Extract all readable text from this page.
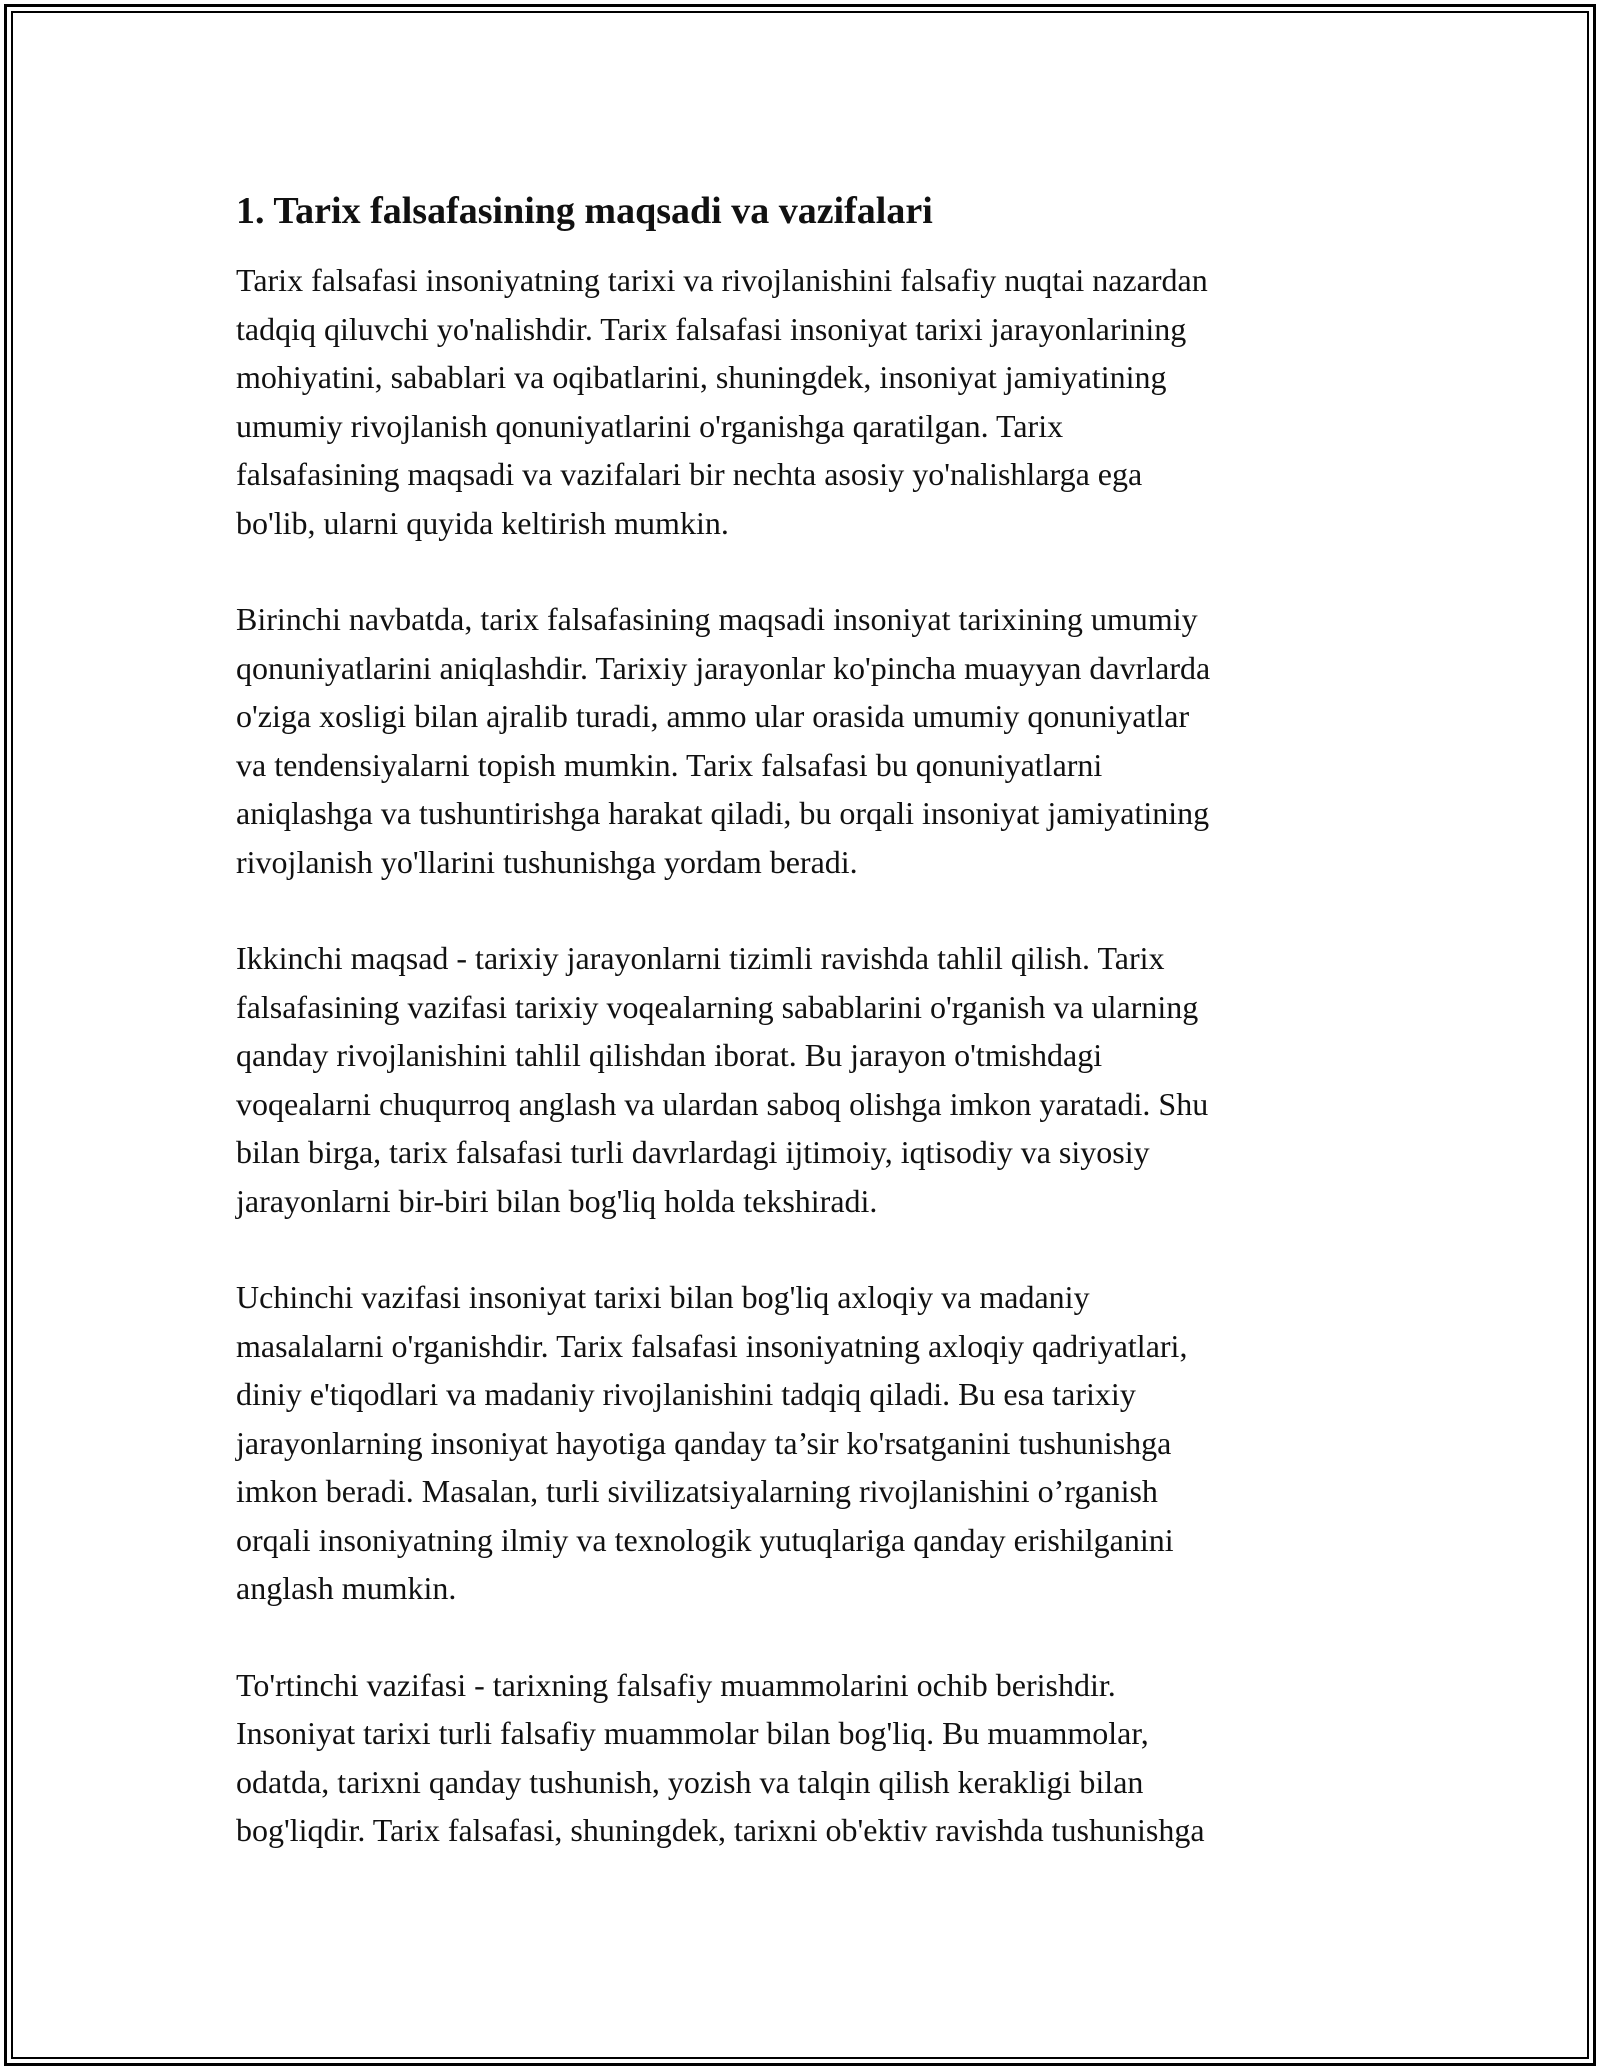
1. Tarix falsafasining maqsadi va vazifalari

Tarix falsafasi insoniyatning tarixi va rivojlanishini falsafiy nuqtai nazardan
tadqiq qiluvchi yo'nalishdir. Tarix falsafasi insoniyat tarixi jarayonlarining
mohiyatini, sabablari va oqibatlarini, shuningdek, insoniyat jamiyatining
umumiy rivojlanish qonuniyatlarini o'rganishga qaratilgan. Tarix
falsafasining maqsadi va vazifalari bir nechta asosiy yo'nalishlarga ega
bo'lib, ularni quyida keltirish mumkin.

Birinchi navbatda, tarix falsafasining maqsadi insoniyat tarixining umumiy
qonuniyatlarini aniqlashdir. Tarixiy jarayonlar ko'pincha muayyan davrlarda
o'ziga xosligi bilan ajralib turadi, ammo ular orasida umumiy qonuniyatlar
va tendensiyalarni topish mumkin. Tarix falsafasi bu qonuniyatlarni
aniqlashga va tushuntirishga harakat qiladi, bu orqali insoniyat jamiyatining
rivojlanish yo'llarini tushunishga yordam beradi.

Ikkinchi maqsad - tarixiy jarayonlarni tizimli ravishda tahlil qilish. Tarix
falsafasining vazifasi tarixiy voqealarning sabablarini o'rganish va ularning
qanday rivojlanishini tahlil qilishdan iborat. Bu jarayon o'tmishdagi
voqealarni chuqurroq anglash va ulardan saboq olishga imkon yaratadi. Shu
bilan birga, tarix falsafasi turli davrlardagi ijtimoiy, iqtisodiy va siyosiy
jarayonlarni bir-biri bilan bog'liq holda tekshiradi.

Uchinchi vazifasi insoniyat tarixi bilan bog'liq axloqiy va madaniy
masalalarni o'rganishdir. Tarix falsafasi insoniyatning axloqiy qadriyatlari,
diniy e'tiqodlari va madaniy rivojlanishini tadqiq qiladi. Bu esa tarixiy
jarayonlarning insoniyat hayotiga qanday ta’sir ko'rsatganini tushunishga
imkon beradi. Masalan, turli sivilizatsiyalarning rivojlanishini o’rganish
orqali insoniyatning ilmiy va texnologik yutuqlariga qanday erishilganini
anglash mumkin.

To'rtinchi vazifasi - tarixning falsafiy muammolarini ochib berishdir.
Insoniyat tarixi turli falsafiy muammolar bilan bog'liq. Bu muammolar,
odatda, tarixni qanday tushunish, yozish va talqin qilish kerakligi bilan
bog'liqdir. Tarix falsafasi, shuningdek, tarixni ob'ektiv ravishda tushunishga
